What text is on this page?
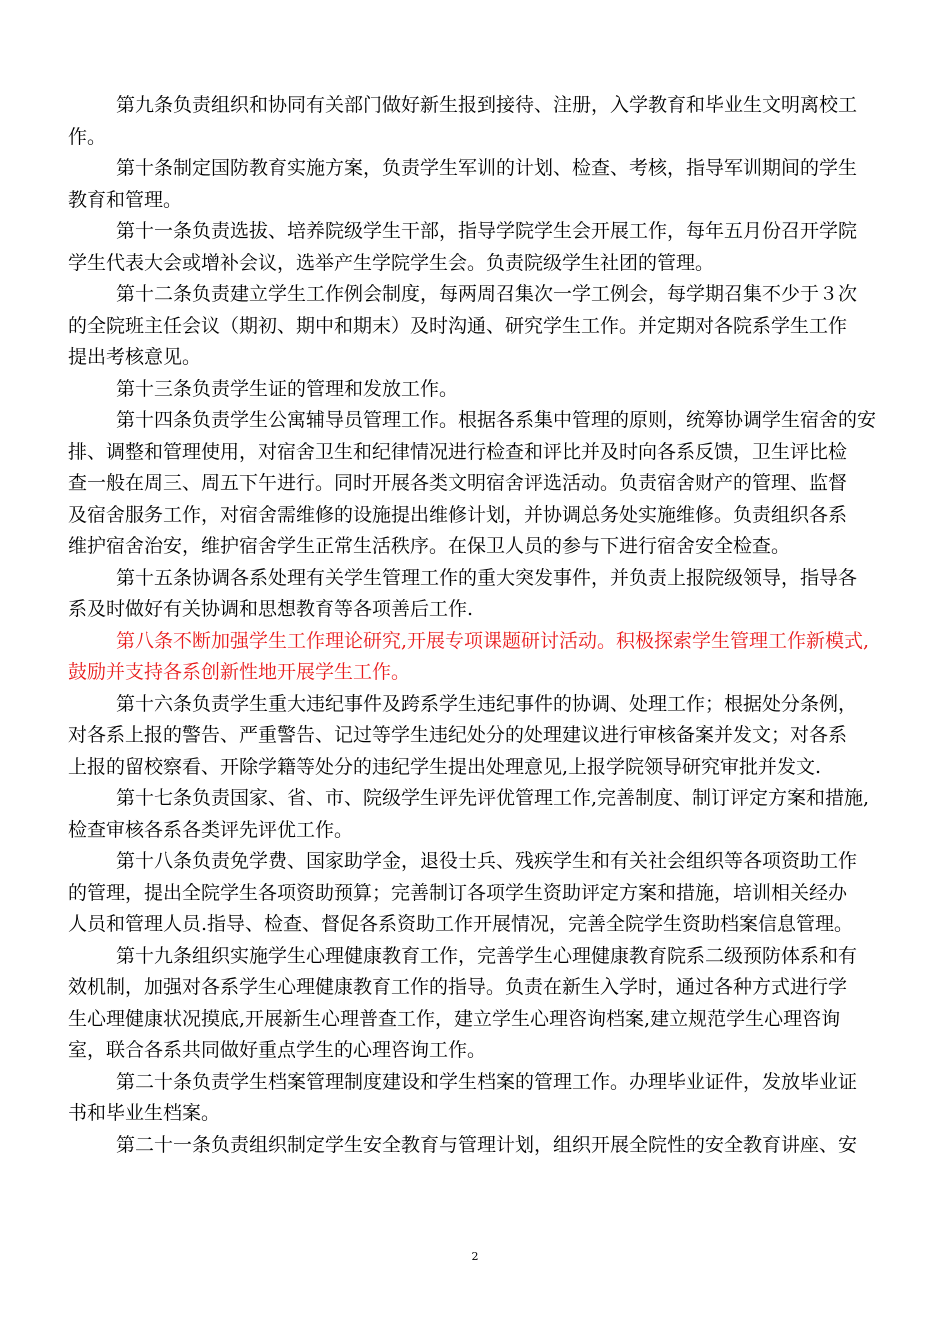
第九条负责组织和协同有关部门做好新生报到接待、注册，入学教育和毕业生文明离校工
作。
第十条制定国防教育实施方案，负责学生军训的计划、检查、考核，指导军训期间的学生
教育和管理。
第十一条负责选拔、培养院级学生干部，指导学院学生会开展工作，每年五月份召开学院
学生代表大会或增补会议，选举产生学院学生会。负责院级学生社团的管理。
第十二条负责建立学生工作例会制度，每两周召集次一学工例会，每学期召集不少于３次
的全院班主任会议（期初、期中和期末）及时沟通、研究学生工作。并定期对各院系学生工作
提出考核意见。
第十三条负责学生证的管理和发放工作。
第十四条负责学生公寓辅导员管理工作。根据各系集中管理的原则，统筹协调学生宿舍的安
排、调整和管理使用，对宿舍卫生和纪律情况进行检查和评比并及时向各系反馈，卫生评比检
查一般在周三、周五下午进行。同时开展各类文明宿舍评选活动。负责宿舍财产的管理、监督
及宿舍服务工作，对宿舍需维修的设施提出维修计划，并协调总务处实施维修。负责组织各系
维护宿舍治安，维护宿舍学生正常生活秩序。在保卫人员的参与下进行宿舍安全检查。
第十五条协调各系处理有关学生管理工作的重大突发事件，并负责上报院级领导，指导各
系及时做好有关协调和思想教育等各项善后工作.
第八条不断加强学生工作理论研究,开展专项课题研讨活动。积极探索学生管理工作新模式,
鼓励并支持各系创新性地开展学生工作。
第十六条负责学生重大违纪事件及跨系学生违纪事件的协调、处理工作；根据处分条例，
对各系上报的警告、严重警告、记过等学生违纪处分的处理建议进行审核备案并发文；对各系
上报的留校察看、开除学籍等处分的违纪学生提出处理意见,上报学院领导研究审批并发文.
第十七条负责国家、省、市、院级学生评先评优管理工作,完善制度、制订评定方案和措施,
检查审核各系各类评先评优工作。
第十八条负责免学费、国家助学金，退役士兵、残疾学生和有关社会组织等各项资助工作
的管理，提出全院学生各项资助预算；完善制订各项学生资助评定方案和措施，培训相关经办
人员和管理人员.指导、检查、督促各系资助工作开展情况，完善全院学生资助档案信息管理。
第十九条组织实施学生心理健康教育工作，完善学生心理健康教育院系二级预防体系和有
效机制，加强对各系学生心理健康教育工作的指导。负责在新生入学时，通过各种方式进行学
生心理健康状况摸底,开展新生心理普查工作，建立学生心理咨询档案,建立规范学生心理咨询
室，联合各系共同做好重点学生的心理咨询工作。
第二十条负责学生档案管理制度建设和学生档案的管理工作。办理毕业证件，发放毕业证
书和毕业生档案。
第二十一条负责组织制定学生安全教育与管理计划，组织开展全院性的安全教育讲座、安
2
